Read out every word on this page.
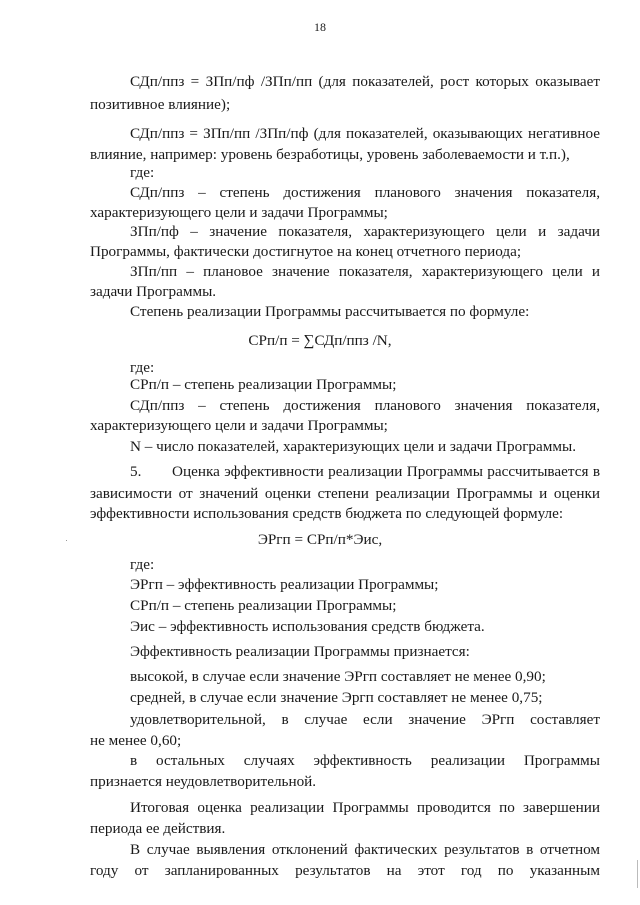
18
СДп/ппз = ЗПп/пф /ЗПп/пп (для показателей, рост которых оказывает
позитивное влияние);
СДп/ппз = ЗПп/пп /ЗПп/пф (для показателей, оказывающих негативное
влияние, например: уровень безработицы, уровень заболеваемости и т.п.),
где:
СДп/ппз – степень достижения планового значения показателя,
характеризующего цели и задачи Программы;
ЗПп/пф – значение показателя, характеризующего цели и задачи
Программы, фактически достигнутое на конец отчетного периода;
ЗПп/пп – плановое значение показателя, характеризующего цели и
задачи Программы.
Степень реализации Программы рассчитывается по формуле:
СРп/п = ∑СДп/ппз /N,
где:
СРп/п – степень реализации Программы;
СДп/ппз – степень достижения планового значения показателя,
характеризующего цели и задачи Программы;
N – число показателей, характеризующих цели и задачи Программы.
5. Оценка эффективности реализации Программы рассчитывается в
зависимости от значений оценки степени реализации Программы и оценки
эффективности использования средств бюджета по следующей формуле:
ЭРгп = СРп/п*Эис,
где:
ЭРгп – эффективность реализации Программы;
СРп/п – степень реализации Программы;
Эис – эффективность использования средств бюджета.
Эффективность реализации Программы признается:
высокой, в случае если значение ЭРгп составляет не менее 0,90;
средней, в случае если значение Эргп составляет не менее 0,75;
удовлетворительной, в случае если значение ЭРгп составляет
не менее 0,60;
в остальных случаях эффективность реализации Программы
признается неудовлетворительной.
Итоговая оценка реализации Программы проводится по завершении
периода ее действия.
В случае выявления отклонений фактических результатов в отчетном
году от запланированных результатов на этот год по указанным
